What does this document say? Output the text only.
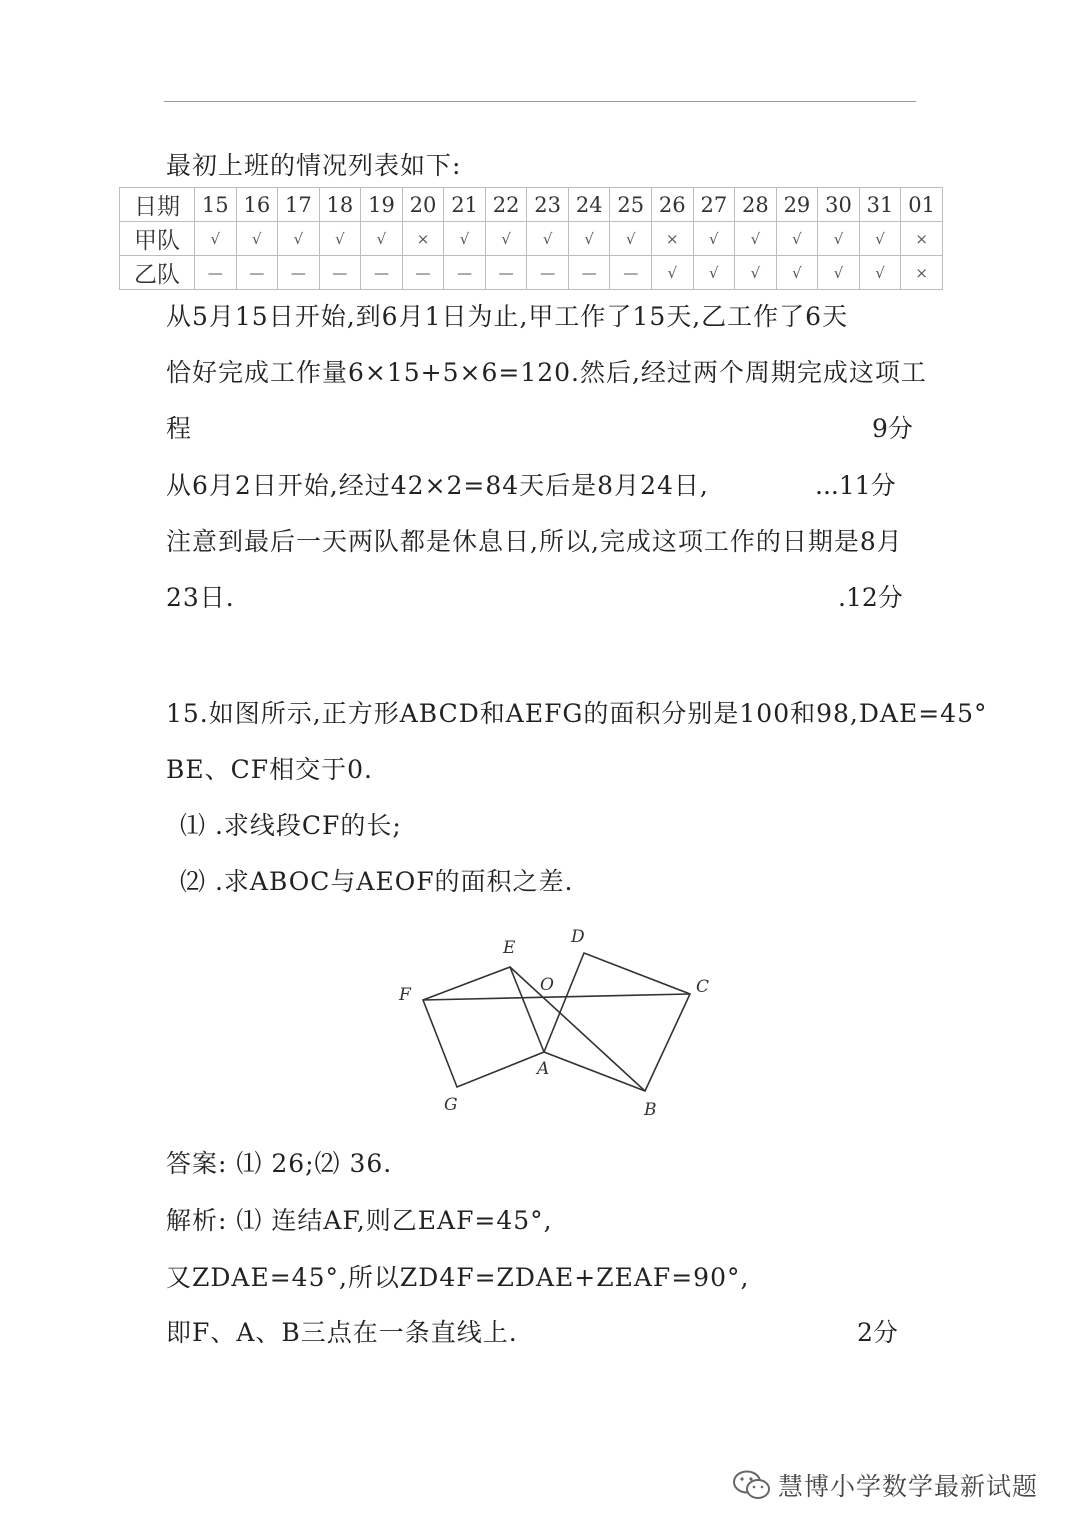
最初上班的情况列表如下:
日期	15	16	17	18	19	20	21	22	23	24	25	26	27	28	29	30	31	01
甲队	√	√	√	√	√	×	√	√	√	√	√	×	√	√	√	√	√	×
乙队	—	—	—	—	—	—	—	—	—	—	—	√	√	√	√	√	√	×
从5月15日开始,到6月1日为止,甲工作了15天,乙工作了6天
恰好完成工作量6×15+5×6=120.然后,经过两个周期完成这项工
程	9分
从6月2日开始,经过42×2=84天后是8月24日,	...11分
注意到最后一天两队都是休息日,所以,完成这项工作的日期是8月
23日.	.12分
15.如图所示,正方形ABCD和AEFG的面积分别是100和98,DAE=45°
BE、CF相交于0.
⑴ .求线段CF的长;
⑵ .求ABOC与AEOF的面积之差.
E
D
F	O	C
A
G	B
答案: ⑴ 26;⑵ 36.
解析: ⑴ 连结AF,则乙EAF=45°,
又ZDAE=45°,所以ZD4F=ZDAE+ZEAF=90°,
即F、A、B三点在一条直线上.	2分
慧博小学数学最新试题
